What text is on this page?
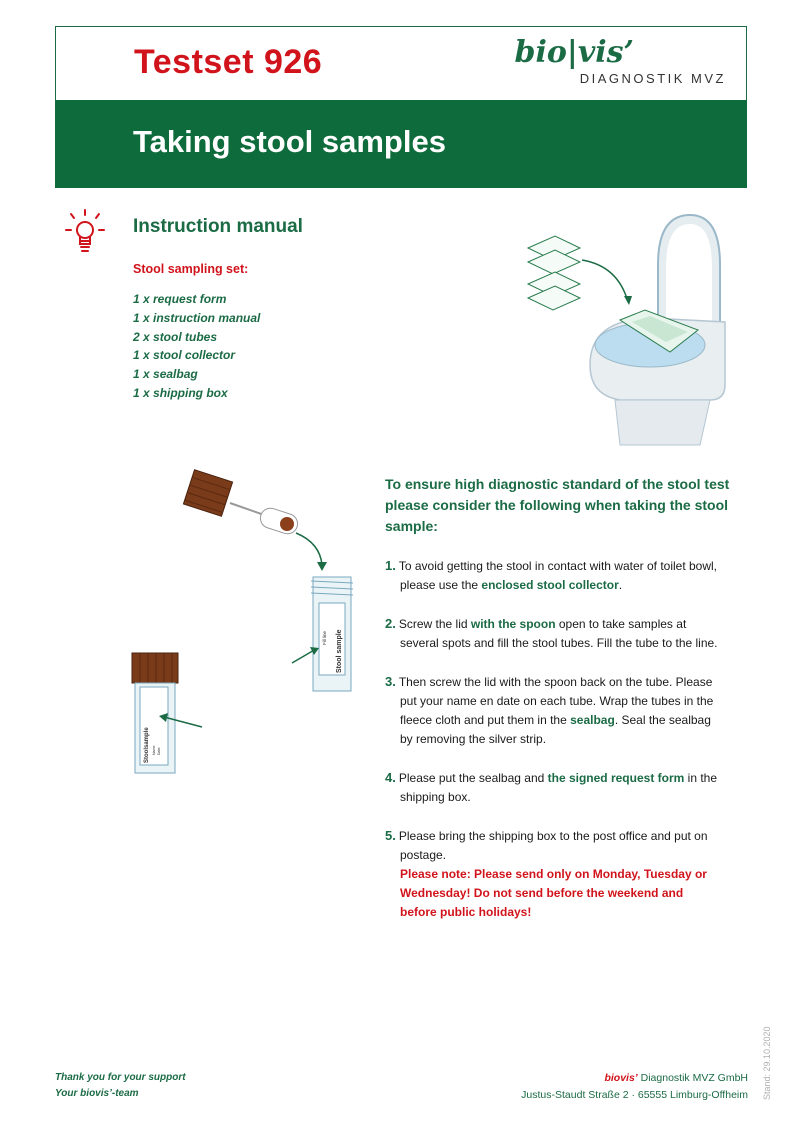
Testset 926	bio|vis’
DIAGNOSTIK MVZ
Taking stool samples
Instruction manual
Stool sampling set:
1 x request form
1 x instruction manual
2 x stool tubes
1 x stool collector
1 x sealbag
1 x shipping box
Stool sample
Fill line
Stoolsample Name: Date:

To ensure high diagnostic standard of the stool test please consider the following when taking the stool sample:

1. To avoid getting the stool in contact with water of toilet bowl, please use the enclosed stool collector.
2. Screw the lid with the spoon open to take samples at several spots and fill the stool tubes. Fill the tube to the line.
3. Then screw the lid with the spoon back on the tube. Please put your name en date on each tube. Wrap the tubes in the fleece cloth and put them in the sealbag. Seal the sealbag by removing the silver strip.
4. Please put the sealbag and the signed request form in the shipping box.
5. Please bring the shipping box to the post office and put on postage.
Please note: Please send only on Monday, Tuesday or Wednesday! Do not send before the weekend and before public holidays!
Thank you for your support
Your biovis’-team
biovis’ Diagnostik MVZ GmbH
Justus-Staudt Straße 2 · 65555 Limburg-Offheim Stand: 29.10.2020
